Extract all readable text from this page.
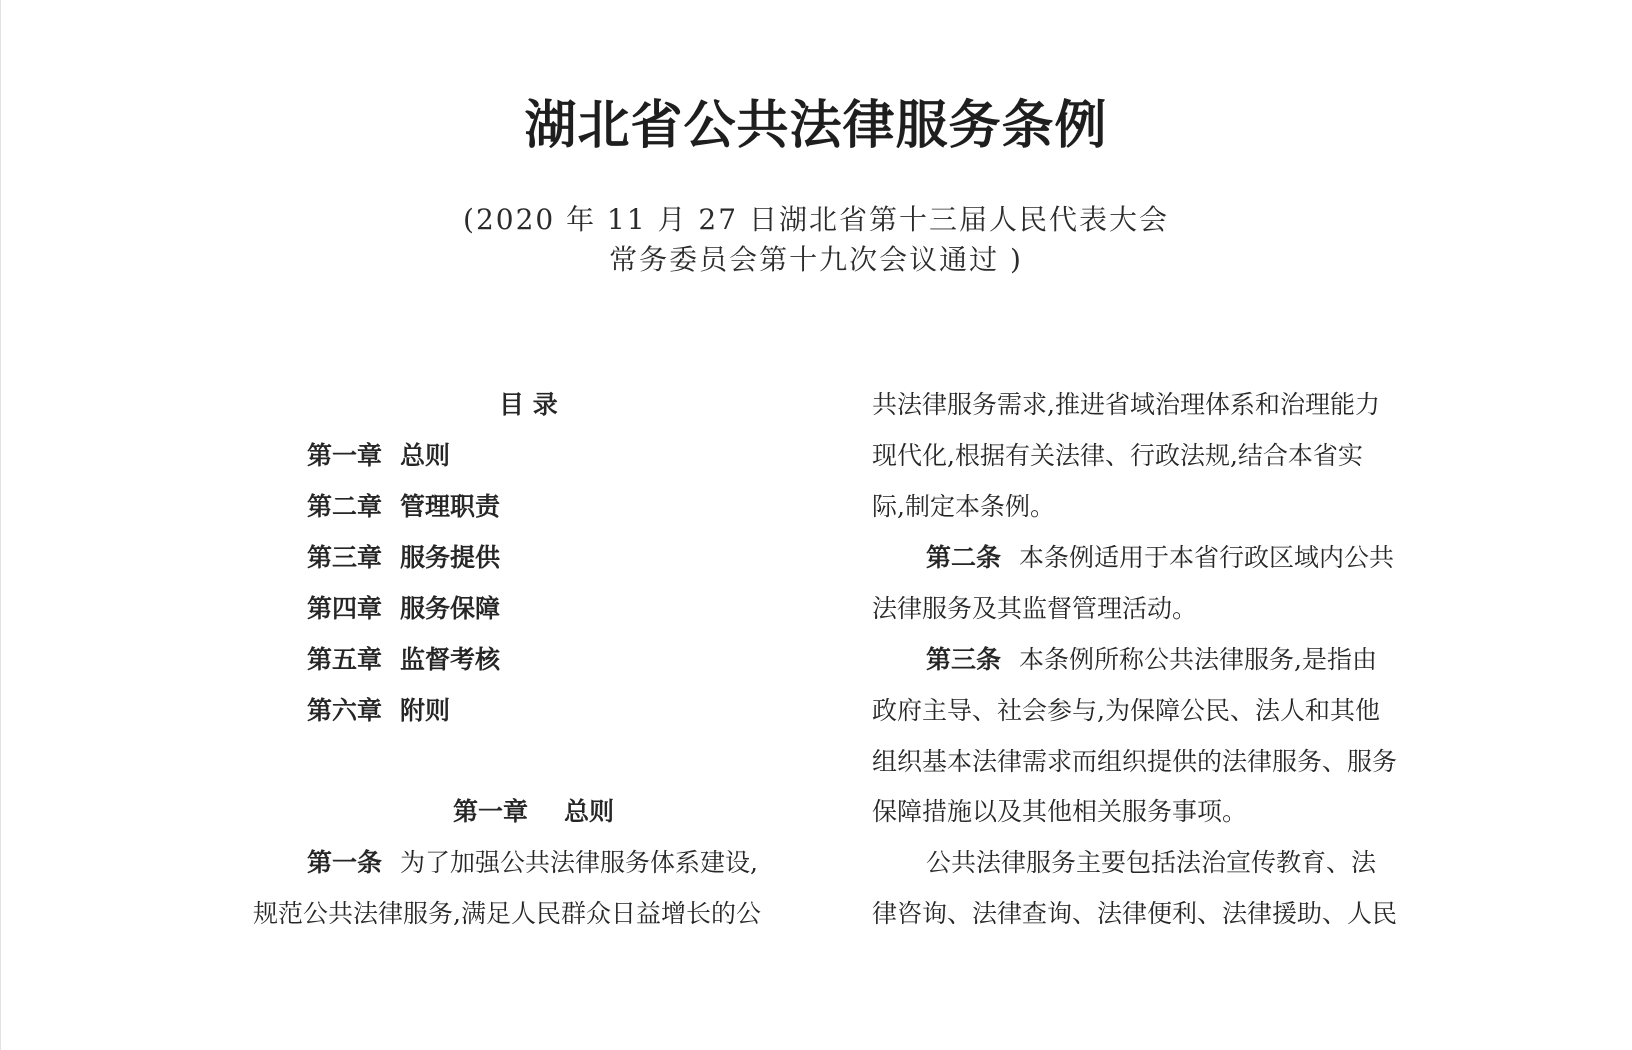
湖北省公共法律服务条例
(2020 年 11 月 27 日湖北省第十三届人民代表大会
常务委员会第十九次会议通过 )
目 录
第一章 总则
第二章 管理职责
第三章 服务提供
第四章 服务保障
第五章 监督考核
第六章 附则
第一章 总则
第一条 为了加强公共法律服务体系建设,
规范公共法律服务,满足人民群众日益增长的公
共法律服务需求,推进省域治理体系和治理能力
现代化,根据有关法律、行政法规,结合本省实
际,制定本条例。
第二条 本条例适用于本省行政区域内公共
法律服务及其监督管理活动。
第三条 本条例所称公共法律服务,是指由
政府主导、社会参与,为保障公民、法人和其他
组织基本法律需求而组织提供的法律服务、服务
保障措施以及其他相关服务事项。
公共法律服务主要包括法治宣传教育、法
律咨询、法律查询、法律便利、法律援助、人民
